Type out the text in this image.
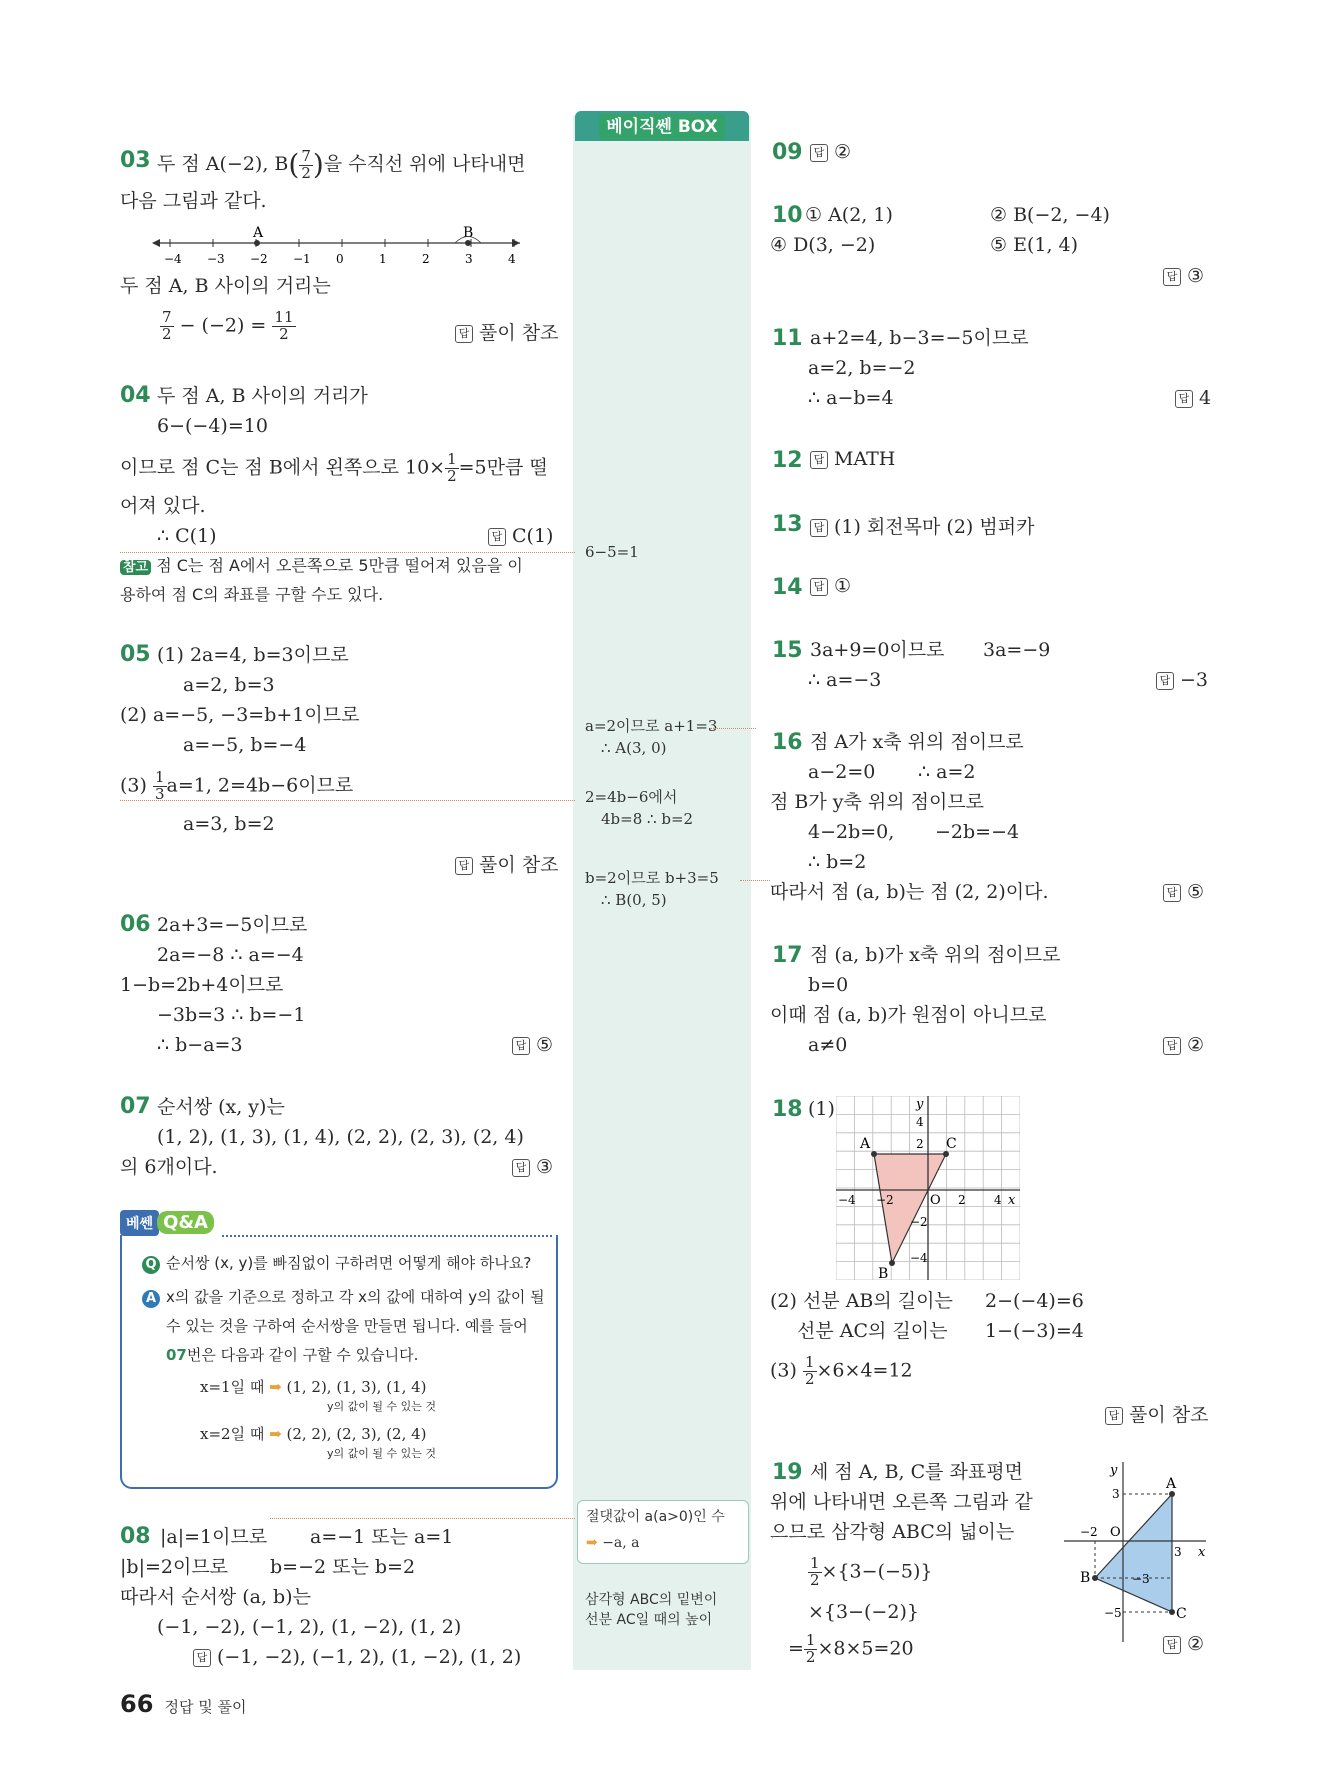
베이직쎈 BOX
03 두 점 A(−2), $B( \frac{7}{2}$ )을 수직선 위에 나타내면
다음 그림과 같다.
−4 −3 −2 −1 0	1	2	3	4
A	B
두 점 A, B 사이의 거리는
$\frac{7}{2} - (-2) = \frac{11}{2}$	답 풀이 참조
04 두 점 A, B 사이의 거리가
6−(−4)=10
이므로 점 C는 점 B에서 왼쪽으로 $10\times \frac{1}{2} =5$만큼 떨
어져 있다.
∴ C(1)	답 C(1)
참고 점 C는 점 A에서 오른쪽으로 5만큼 떨어져 있음을 이
용하여 점 C의 좌표를 구할 수도 있다.
05 (1) 2a=4, b=3이므로
a=2, b=3
(2) a=−5, −3=b+1이므로
a=−5, b=−4
$(3) \frac{1}{3} a=1$, 2=4b−6이므로
a=3, b=2
답 풀이 참조
06 2a+3=−5이므로
2a=−8 ∴ a=−4
1−b=2b+4이므로
−3b=3 ∴ b=−1
∴ b−a=3	답 ⑤
07 순서쌍 (x, y)는
(1, 2), (1, 3), (1, 4), (2, 2), (2, 3), (2, 4)
의 6개이다.	답 ③
베쎈 Q&A
Q 순서쌍 (x, y)를 빠짐없이 구하려면 어떻게 해야 하나요?
A x의 값을 기준으로 정하고 각 x의 값에 대하여 y의 값이 될
수 있는 것을 구하여 순서쌍을 만들면 됩니다. 예를 들어
07번은 다음과 같이 구할 수 있습니다.
x=1일 때 ➡ (1, 2), (1, 3), (1, 4)
y의 값이 될 수 있는 것
x=2일 때 ➡ (2, 2), (2, 3), (2, 4)
y의 값이 될 수 있는 것
08 |a|=1이므로 a=−1 또는 a=1
|b|=2이므로 b=−2 또는 b=2
따라서 순서쌍 (a, b)는
(−1, −2), (−1, 2), (1, −2), (1, 2)
답 (−1, −2), (−1, 2), (1, −2), (1, 2)
6−5=1
a=2이므로 a+1=3
∴ A(3, 0)
2=4b−6에서
4b=8 ∴ b=2
b=2이므로 b+3=5
∴ B(0, 5)
절댓값이 a(a>0)인 수
➡ −a, a
삼각형 ABC의 밑변이
선분 AC일 때의 높이
09	답 ②
10 ① A(2, 1)	② B(−2, −4)
④ D(3, −2)	⑤ E(1, 4)
답 ③
11 a+2=4, b−3=−5이므로
a=2, b=−2
∴ a−b=4	답 4
12	답 MATH
13	답 (1) 회전목마 (2) 범퍼카
14	답 ①
15 3a+9=0이므로 3a=−9
∴ a=−3	답 −3
16 점 A가 x축 위의 점이므로
a−2=0 ∴ a=2
점 B가 y축 위의 점이므로
4−2b=0, −2b=−4
∴ b=2
따라서 점 (a, b)는 점 (2, 2)이다.	답 ⑤
17 점 (a, b)가 x축 위의 점이므로
b=0
이때 점 (a, b)가 원점이 아니므로
a≠0	답 ②
18 (1)
A
B
C
O	x
y
4
2
−2
−4
2 4
−2
−4
(2) 선분 AB의 길이는 2−(−4)=6
선분 AC의 길이는 1−(−3)=4
$(3) \frac{1}{2} \times 6\times 4=12$
답 풀이 참조
19 세 점 A, B, C를 좌표평면
위에 나타내면 오른쪽 그림과 같
으므로 삼각형 ABC의 넓이는
$\frac{1}{2} \times\{3-(-5)\}$
×{3−(−2)}
= $\frac{1}{2} \times 8\times 5=20$
A
B
C
O
x
y
3
−5
−2
3
−3
답 ②
66 정답 및 풀이
